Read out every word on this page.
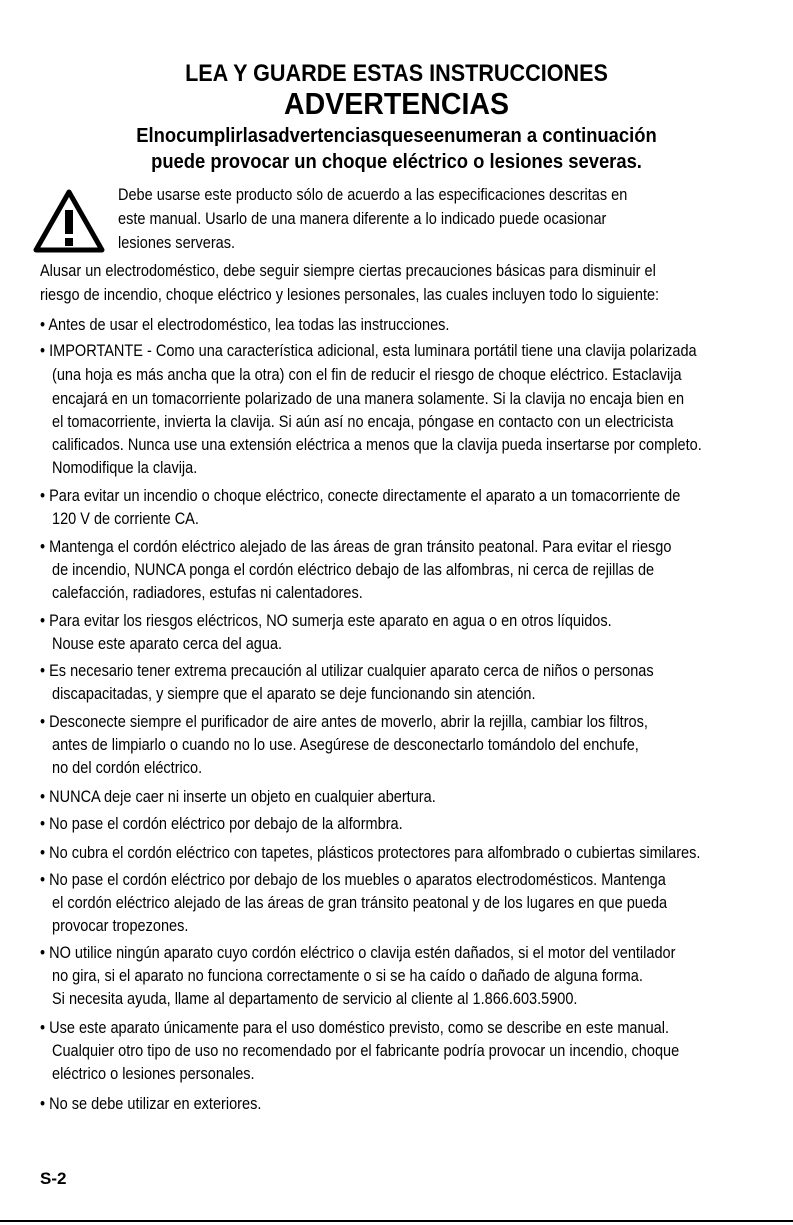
LEA Y GUARDE ESTAS INSTRUCCIONES
ADVERTENCIAS
Elnocumplirlasadvertenciasqueseenumeran a continuación
puede provocar un choque eléctrico o lesiones severas.
Debe usarse este producto sólo de acuerdo a las especificaciones descritas en
este manual. Usarlo de una manera diferente a lo indicado puede ocasionar
lesiones serveras.
Alusar un electrodoméstico, debe seguir siempre ciertas precauciones básicas para disminuir el
riesgo de incendio, choque eléctrico y lesiones personales, las cuales incluyen todo lo siguiente:
• Antes de usar el electrodoméstico, lea todas las instrucciones.
• IMPORTANTE - Como una característica adicional, esta luminara portátil tiene una clavija polarizada
(una hoja es más ancha que la otra) con el fin de reducir el riesgo de choque eléctrico. Estaclavija
encajará en un tomacorriente polarizado de una manera solamente. Si la clavija no encaja bien en
el tomacorriente, invierta la clavija. Si aún así no encaja, póngase en contacto con un electricista
calificados. Nunca use una extensión eléctrica a menos que la clavija pueda insertarse por completo.
Nomodifique la clavija.
• Para evitar un incendio o choque eléctrico, conecte directamente el aparato a un tomacorriente de
120 V de corriente CA.
• Mantenga el cordón eléctrico alejado de las áreas de gran tránsito peatonal. Para evitar el riesgo
de incendio, NUNCA ponga el cordón eléctrico debajo de las alfombras, ni cerca de rejillas de
calefacción, radiadores, estufas ni calentadores.
• Para evitar los riesgos eléctricos, NO sumerja este aparato en agua o en otros líquidos.
Nouse este aparato cerca del agua.
• Es necesario tener extrema precaución al utilizar cualquier aparato cerca de niños o personas
discapacitadas, y siempre que el aparato se deje funcionando sin atención.
• Desconecte siempre el purificador de aire antes de moverlo, abrir la rejilla, cambiar los filtros,
antes de limpiarlo o cuando no lo use. Asegúrese de desconectarlo tomándolo del enchufe,
no del cordón eléctrico.
• NUNCA deje caer ni inserte un objeto en cualquier abertura.
• No pase el cordón eléctrico por debajo de la alformbra.
• No cubra el cordón eléctrico con tapetes, plásticos protectores para alfombrado o cubiertas similares.
• No pase el cordón eléctrico por debajo de los muebles o aparatos electrodomésticos. Mantenga
el cordón eléctrico alejado de las áreas de gran tránsito peatonal y de los lugares en que pueda
provocar tropezones.
• NO utilice ningún aparato cuyo cordón eléctrico o clavija estén dañados, si el motor del ventilador
no gira, si el aparato no funciona correctamente o si se ha caído o dañado de alguna forma.
Si necesita ayuda, llame al departamento de servicio al cliente al 1.866.603.5900.
• Use este aparato únicamente para el uso doméstico previsto, como se describe en este manual.
Cualquier otro tipo de uso no recomendado por el fabricante podría provocar un incendio, choque
eléctrico o lesiones personales.
• No se debe utilizar en exteriores.
S-2
